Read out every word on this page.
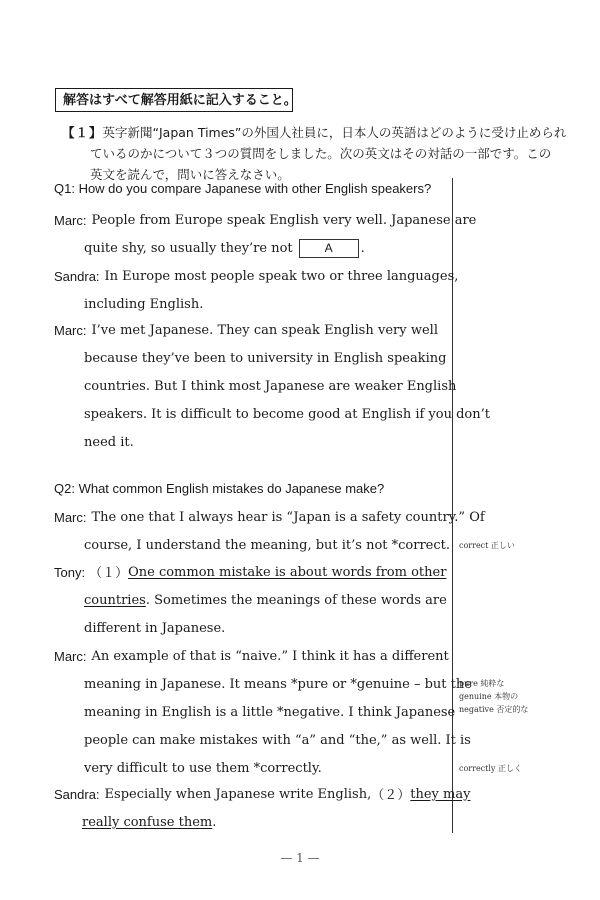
解答はすべて解答用紙に記入すること。
【１】英字新聞“Japan Times”の外国人社員に，日本人の英語はどのように受け止められ
ているのかについて３つの質問をしました。次の英文はその対話の一部です。この
英文を読んで，問いに答えなさい。
Q1: How do you compare Japanese with other English speakers?
Marc: People from Europe speak English very well. Japanese are
quite shy, so usually they’re not	A .
Sandra: In Europe most people speak two or three languages,
including English.
Marc: I’ve met Japanese. They can speak English very well
because they’ve been to university in English speaking
countries. But I think most Japanese are weaker English
speakers. It is difficult to become good at English if you don’t
need it.
Q2: What common English mistakes do Japanese make?
Marc: The one that I always hear is “Japan is a safety country.” Of
course, I understand the meaning, but it’s not *correct.
Tony: （１） One common mistake is about words from other
countries. Sometimes the meanings of these words are
different in Japanese.
Marc: An example of that is “naive.” I think it has a different
meaning in Japanese. It means *pure or *genuine – but the
meaning in English is a little *negative. I think Japanese
people can make mistakes with “a” and “the,” as well. It is
very difficult to use them *correctly.
Sandra: Especially when Japanese write English, （２） they may
really confuse them.
correct 正しい
pure 純粋な
genuine 本物の
negative 否定的な
correctly 正しく
— 1 —
